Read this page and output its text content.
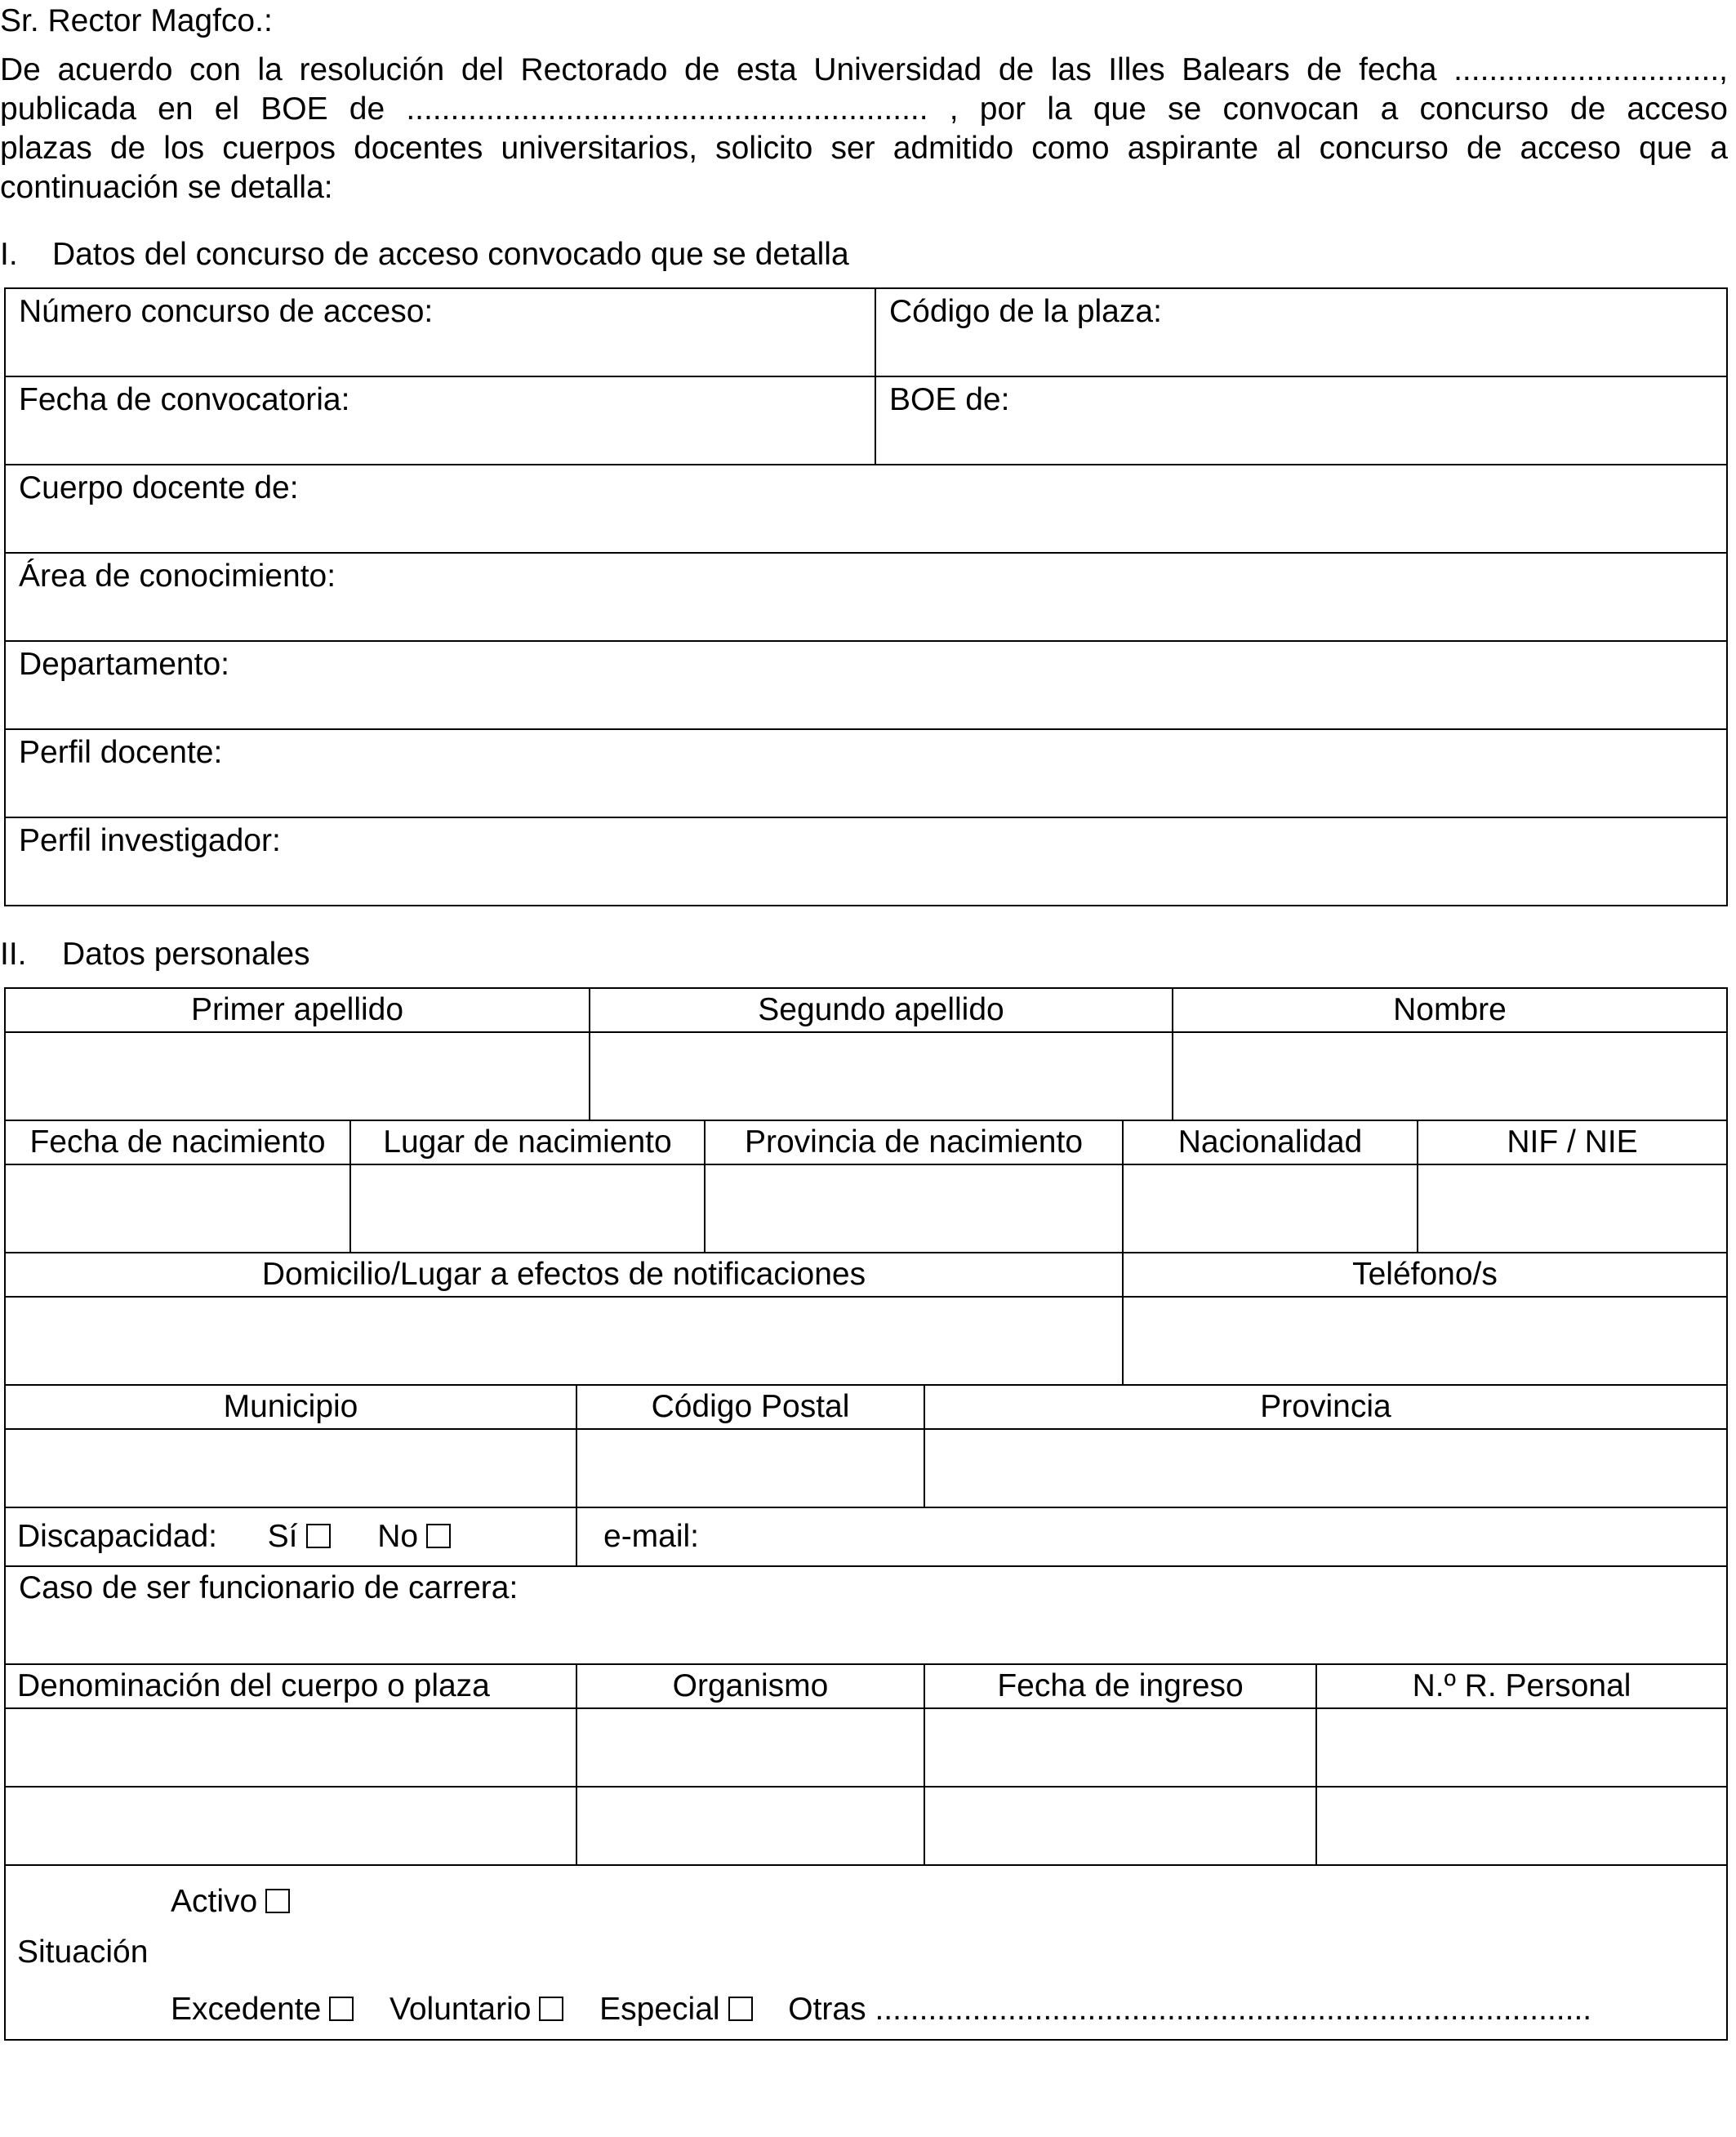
Sr. Rector Magfco.:
De acuerdo con la resolución del Rectorado de esta Universidad de las Illes Balears de fecha ..............................,
publicada en el BOE de ........................................................... , por la que se convocan a concurso de acceso
plazas de los cuerpos docentes universitarios, solicito ser admitido como aspirante al concurso de acceso que a
continuación se detalla:
I. Datos del concurso de acceso convocado que se detalla
Número concurso de acceso:	Código de la plaza:
Fecha de convocatoria:	BOE de:
Cuerpo docente de:	
Área de conocimiento:	
Departamento:	
Perfil docente:	
Perfil investigador:	
II. Datos personales
Primer apellido	Segundo apellido	Nombre

Fecha de nacimiento	Lugar de nacimiento	Provincia de nacimiento	Nacionalidad	NIF / NIE

Domicilio/Lugar a efectos de notificaciones	Teléfono/s

Municipio	Código Postal	Provincia

Discapacidad: Sí	No	e-mail:
Caso de ser funcionario de carrera:
Denominación del cuerpo o plaza	Organismo	Fecha de ingreso	N.º R. Personal

Activo
Situación
Excedente Voluntario Especial Otras .................................................................................
